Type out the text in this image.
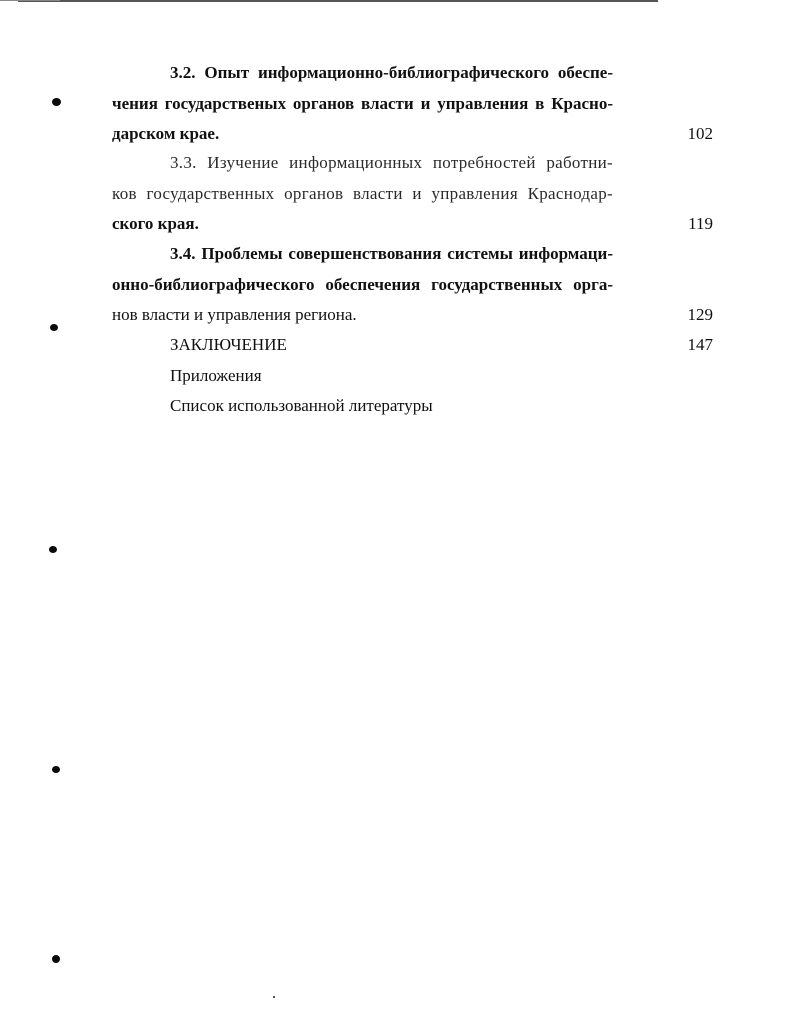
3.2. Опыт информационно-библиографического обеспе-
чения государственых органов власти и управления в Красно-
дарском крае.	102
3.3. Изучение информационных потребностей работни-
ков государственных органов власти и управления Краснодар-
ского края.	119
3.4. Проблемы совершенствования системы информаци-
онно-библиографического обеспечения государственных орга-
нов власти и управления региона.	129
ЗАКЛЮЧЕНИЕ	147
Приложения
Список использованной литературы
